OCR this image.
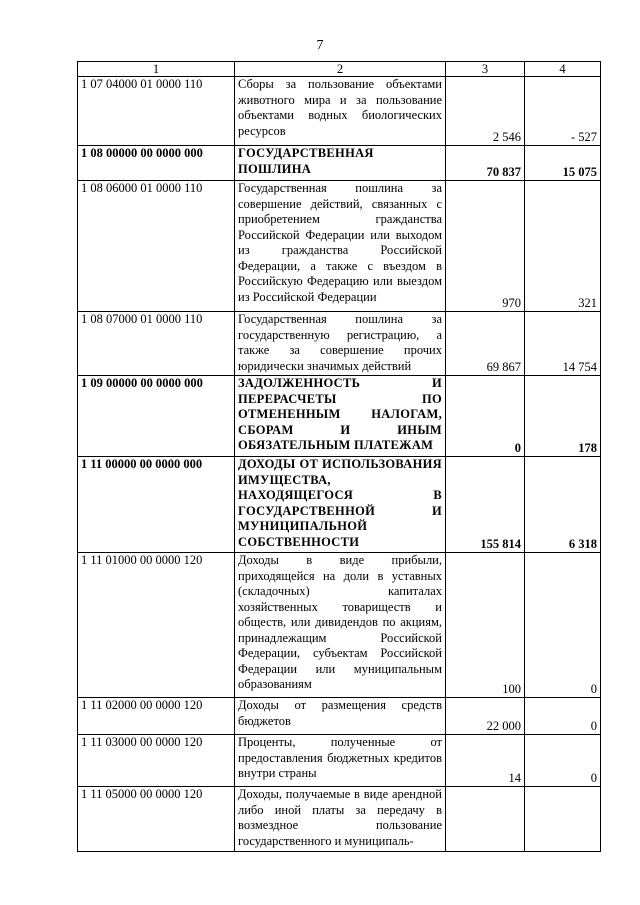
7
1	2	3	4
1 07 04000 01 0000 110	Сборы за пользование объектами животного мира и за пользование объектами водных биологических ресурсов	2 546	- 527
1 08 00000 00 0000 000	ГОСУДАРСТВЕННАЯ ПОШЛИНА	70 837	15 075
1 08 06000 01 0000 110	Государственная пошлина за совершение действий, связанных с приобретением гражданства Российской Федерации или выходом из гражданства Российской Федерации, а также с въездом в Российскую Федерацию или выездом из Российской Федерации	970	321
1 08 07000 01 0000 110	Государственная пошлина за государственную регистрацию, а также за совершение прочих юридически значимых действий	69 867	14 754
1 09 00000 00 0000 000	ЗАДОЛЖЕННОСТЬ И ПЕРЕРАСЧЕТЫ ПО ОТМЕНЕННЫМ НАЛОГАМ, СБОРАМ И ИНЫМ ОБЯЗАТЕЛЬНЫМ ПЛАТЕЖАМ	0	178
1 11 00000 00 0000 000	ДОХОДЫ ОТ ИСПОЛЬЗОВАНИЯ ИМУЩЕСТВА, НАХОДЯЩЕГОСЯ В ГОСУДАРСТВЕННОЙ И МУНИЦИПАЛЬНОЙ СОБСТВЕННОСТИ	155 814	6 318
1 11 01000 00 0000 120	Доходы в виде прибыли, приходящейся на доли в уставных (складочных) капиталах хозяйственных товариществ и обществ, или дивидендов по акциям, принадлежащим Российской Федерации, субъектам Российской Федерации или муниципальным образованиям	100	0
1 11 02000 00 0000 120	Доходы от размещения средств бюджетов	22 000	0
1 11 03000 00 0000 120	Проценты, полученные от предоставления бюджетных кредитов внутри страны	14	0
1 11 05000 00 0000 120	Доходы, получаемые в виде арендной либо иной платы за передачу в возмездное пользование государственного и муниципаль-		
